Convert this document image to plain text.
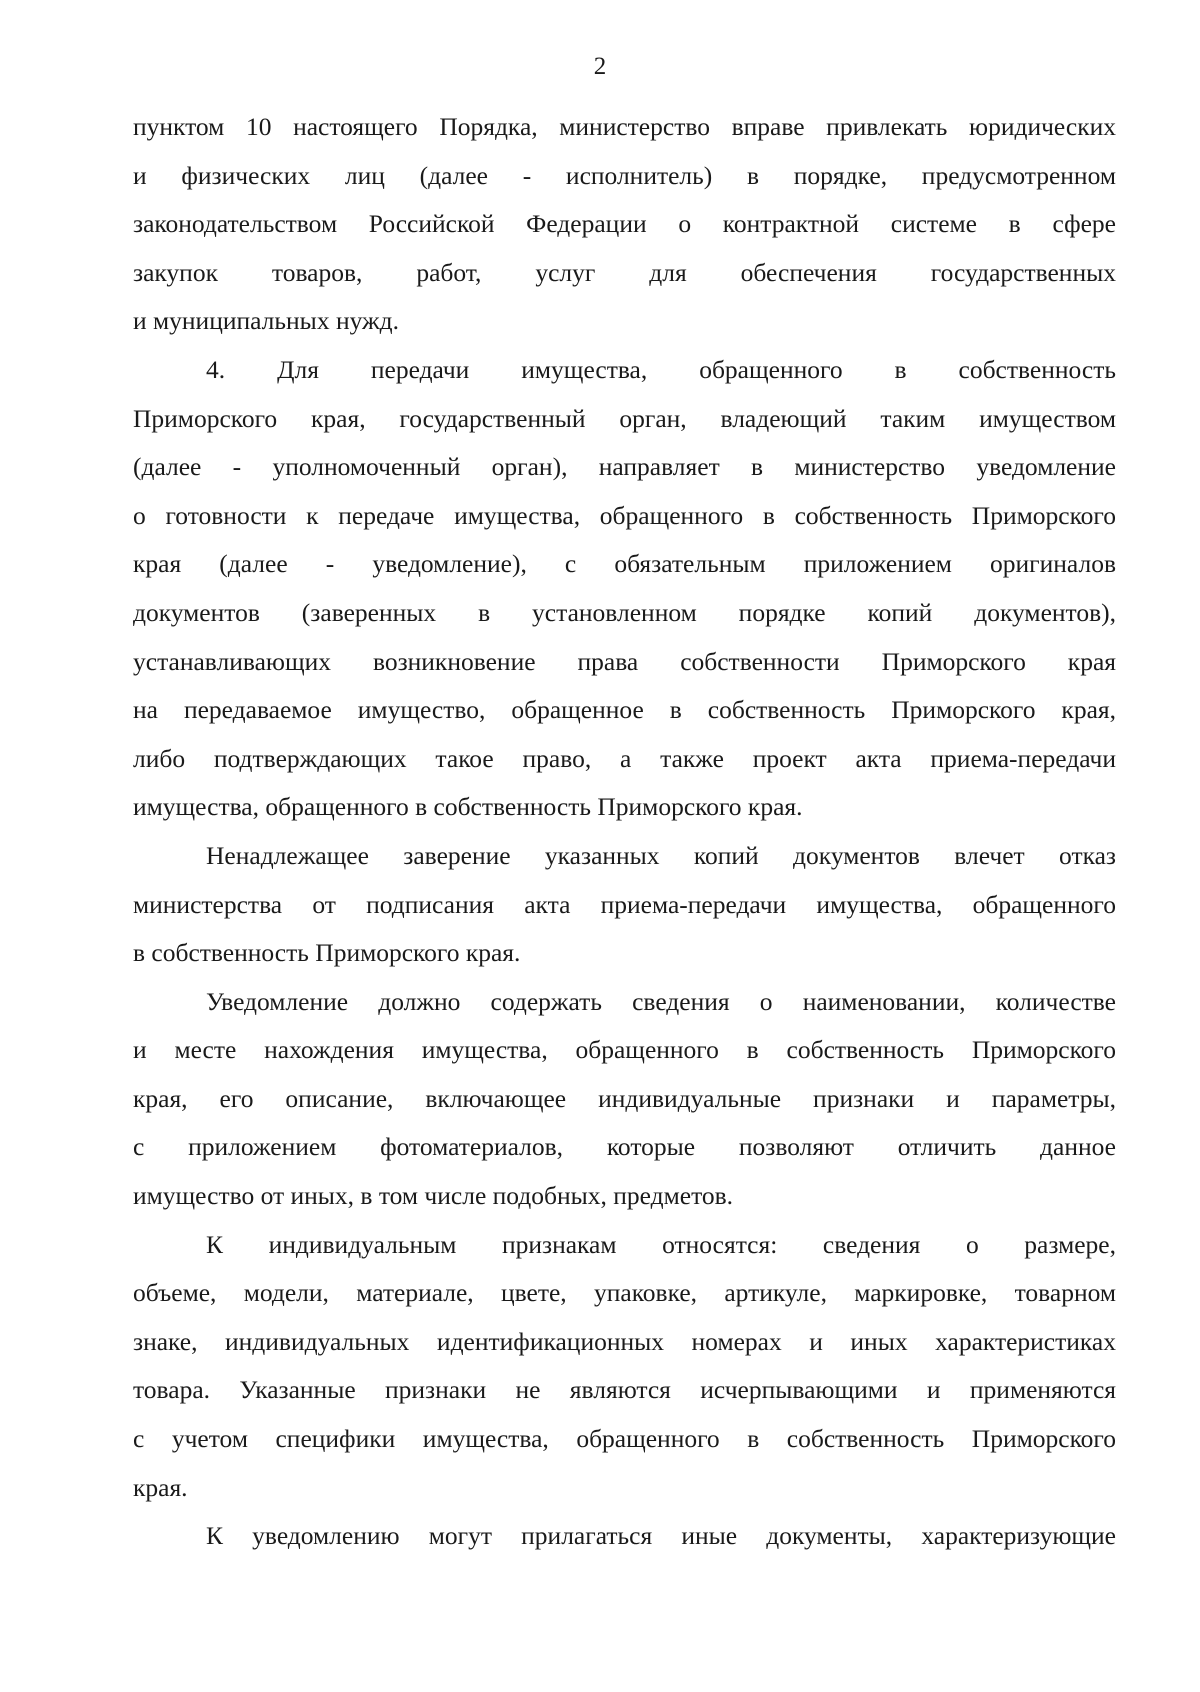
2
пунктом 10 настоящего Порядка, министерство вправе привлекать юридических
и физических лиц (далее - исполнитель) в порядке, предусмотренном
законодательством Российской Федерации о контрактной системе в сфере
закупок товаров, работ, услуг для обеспечения государственных
и муниципальных нужд.
4. Для передачи имущества, обращенного в собственность
Приморского края, государственный орган, владеющий таким имуществом
(далее - уполномоченный орган), направляет в министерство уведомление
о готовности к передаче имущества, обращенного в собственность Приморского
края (далее - уведомление), с обязательным приложением оригиналов
документов (заверенных в установленном порядке копий документов),
устанавливающих возникновение права собственности Приморского края
на передаваемое имущество, обращенное в собственность Приморского края,
либо подтверждающих такое право, а также проект акта приема-передачи
имущества, обращенного в собственность Приморского края.
Ненадлежащее заверение указанных копий документов влечет отказ
министерства от подписания акта приема-передачи имущества, обращенного
в собственность Приморского края.
Уведомление должно содержать сведения о наименовании, количестве
и месте нахождения имущества, обращенного в собственность Приморского
края, его описание, включающее индивидуальные признаки и параметры,
с приложением фотоматериалов, которые позволяют отличить данное
имущество от иных, в том числе подобных, предметов.
К индивидуальным признакам относятся: сведения о размере,
объеме, модели, материале, цвете, упаковке, артикуле, маркировке, товарном
знаке, индивидуальных идентификационных номерах и иных характеристиках
товара. Указанные признаки не являются исчерпывающими и применяются
с учетом специфики имущества, обращенного в собственность Приморского
края.
К уведомлению могут прилагаться иные документы, характеризующие
